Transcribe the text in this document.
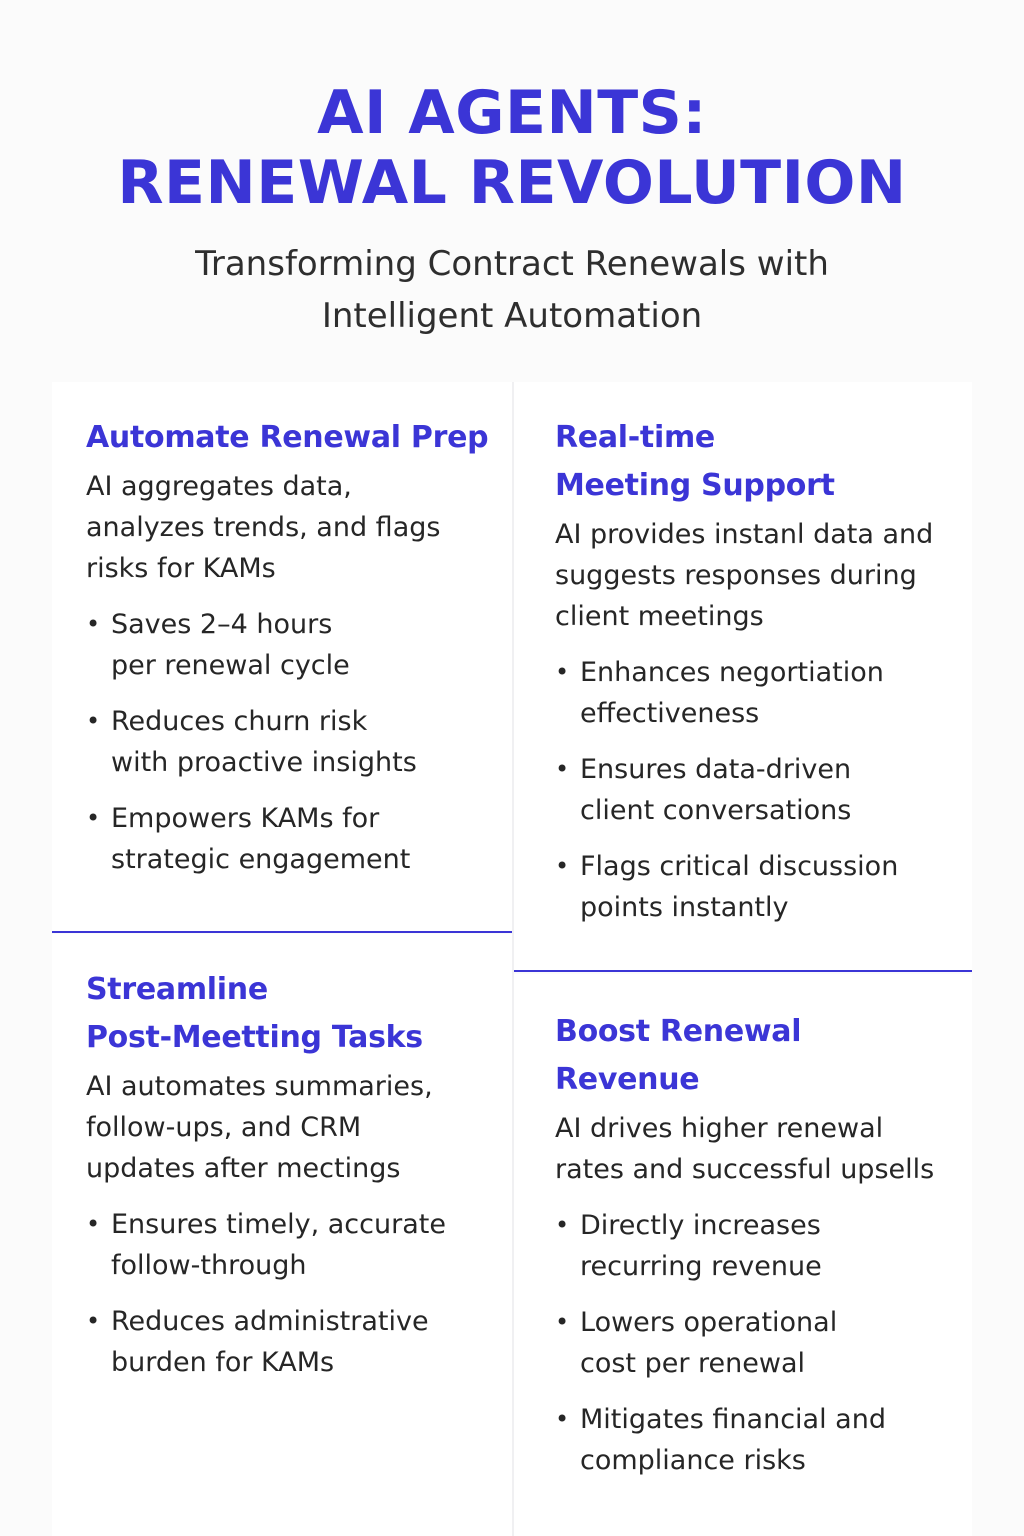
AI AGENTS:
RENEWAL REVOLUTION
Transforming Contract Renewals with
Intelligent Automation
Automate Renewal Prep

AI aggregates data,
analyzes trends, and flags
risks for KAMs

• Saves 2–4 hours
per renewal cycle
• Reduces churn risk
with proactive insights
• Empowers KAMs for
strategic engagement
Real-time
Meeting Support

AI provides instanl data and
suggests responses during
client meetings

• Enhances negortiation
effectiveness
• Ensures data-driven
client conversations
• Flags critical discussion
points instantly
Streamline
Post-Meetting Tasks

AI automates summaries,
follow-ups, and CRM
updates after mectings

• Ensures timely, accurate
follow-through
• Reduces administrative
burden for KAMs
Boost Renewal
Revenue

AI drives higher renewal
rates and successful upsells

• Directly increases
recurring revenue
• Lowers operational
cost per renewal
• Mitigates financial and
compliance risks
